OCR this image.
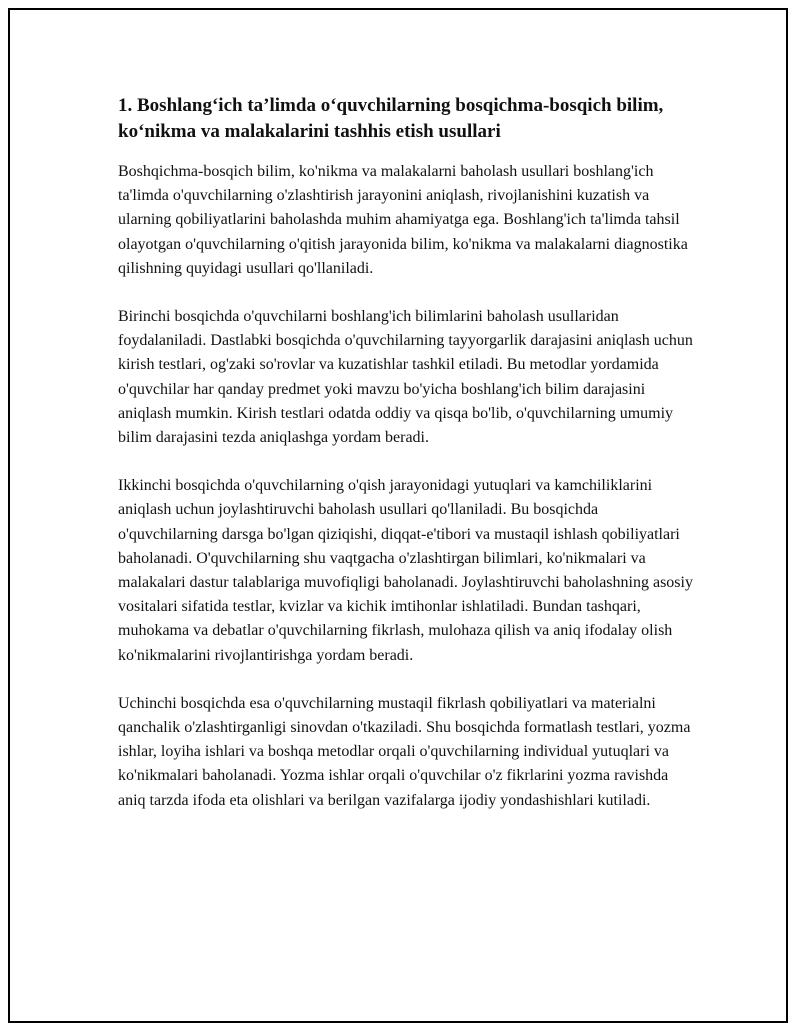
1. Boshlang‘ich ta’limda o‘quvchilarning bosqichma-bosqich bilim, ko‘nikma va malakalarini tashhis etish usullari

Boshqichma-bosqich bilim, ko'nikma va malakalarni baholash usullari boshlang'ich ta'limda o'quvchilarning o'zlashtirish jarayonini aniqlash, rivojlanishini kuzatish va ularning qobiliyatlarini baholashda muhim ahamiyatga ega. Boshlang'ich ta'limda tahsil olayotgan o'quvchilarning o'qitish jarayonida bilim, ko'nikma va malakalarni diagnostika qilishning quyidagi usullari qo'llaniladi.

Birinchi bosqichda o'quvchilarni boshlang'ich bilimlarini baholash usullaridan foydalaniladi. Dastlabki bosqichda o'quvchilarning tayyorgarlik darajasini aniqlash uchun kirish testlari, og'zaki so'rovlar va kuzatishlar tashkil etiladi. Bu metodlar yordamida o'quvchilar har qanday predmet yoki mavzu bo'yicha boshlang'ich bilim darajasini aniqlash mumkin. Kirish testlari odatda oddiy va qisqa bo'lib, o'quvchilarning umumiy bilim darajasini tezda aniqlashga yordam beradi.

Ikkinchi bosqichda o'quvchilarning o'qish jarayonidagi yutuqlari va kamchiliklarini aniqlash uchun joylashtiruvchi baholash usullari qo'llaniladi. Bu bosqichda o'quvchilarning darsga bo'lgan qiziqishi, diqqat-e'tibori va mustaqil ishlash qobiliyatlari baholanadi. O'quvchilarning shu vaqtgacha o'zlashtirgan bilimlari, ko'nikmalari va malakalari dastur talablariga muvofiqligi baholanadi. Joylashtiruvchi baholashning asosiy vositalari sifatida testlar, kvizlar va kichik imtihonlar ishlatiladi. Bundan tashqari, muhokama va debatlar o'quvchilarning fikrlash, mulohaza qilish va aniq ifodalay olish ko'nikmalarini rivojlantirishga yordam beradi.

Uchinchi bosqichda esa o'quvchilarning mustaqil fikrlash qobiliyatlari va materialni qanchalik o'zlashtirganligi sinovdan o'tkaziladi. Shu bosqichda formatlash testlari, yozma ishlar, loyiha ishlari va boshqa metodlar orqali o'quvchilarning individual yutuqlari va ko'nikmalari baholanadi. Yozma ishlar orqali o'quvchilar o'z fikrlarini yozma ravishda aniq tarzda ifoda eta olishlari va berilgan vazifalarga ijodiy yondashishlari kutiladi.
